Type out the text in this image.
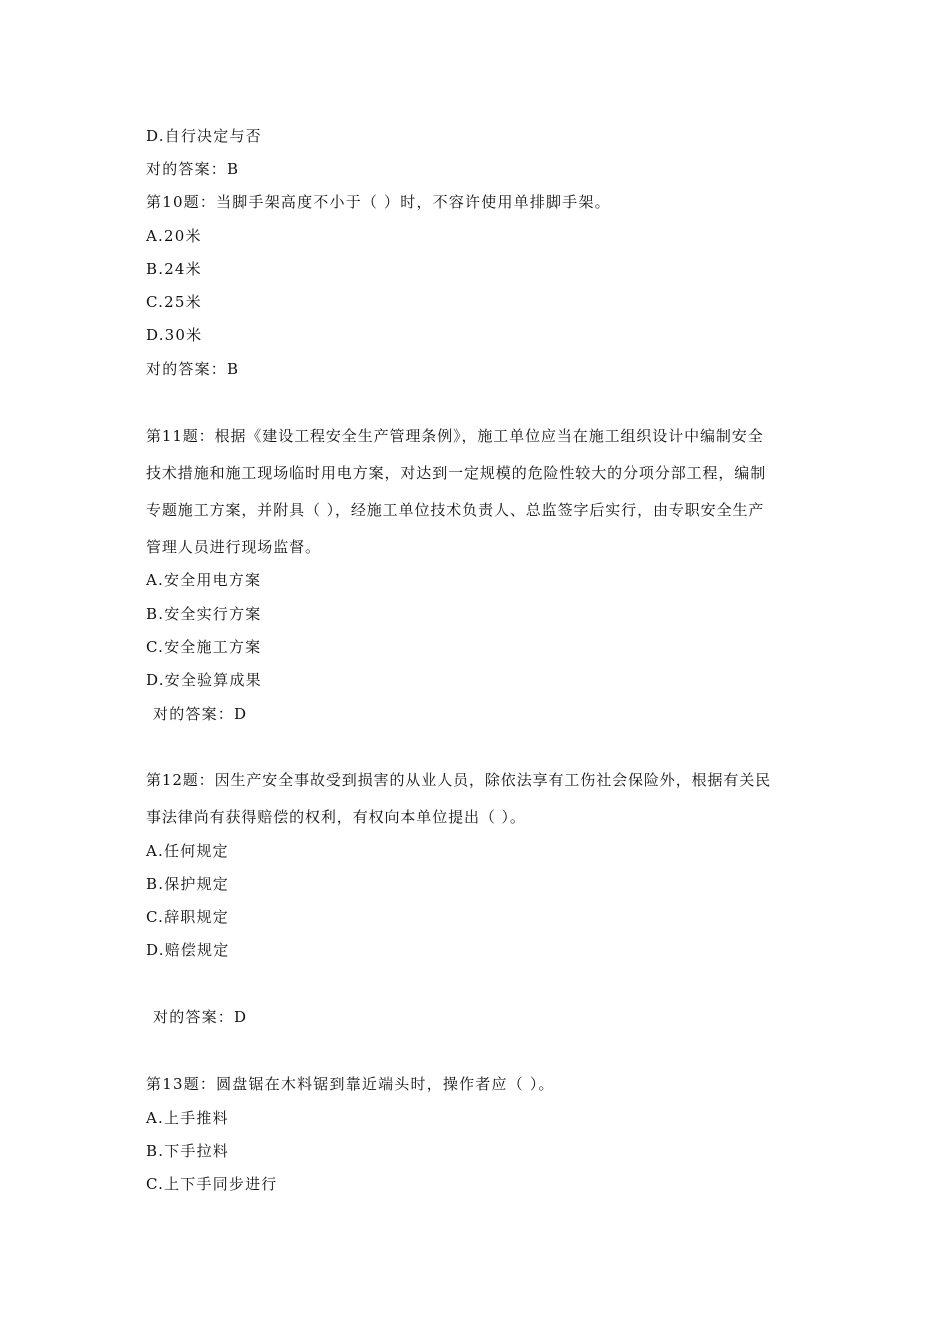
D.自行决定与否
对的答案：B
第10题：当脚手架高度不小于（ ）时，不容许使用单排脚手架。
A.20米
B.24米
C.25米
D.30米
对的答案：B
第11题：根据《建设工程安全生产管理条例》，施工单位应当在施工组织设计中编制安全
技术措施和施工现场临时用电方案，对达到一定规模的危险性较大的分项分部工程，编制
专题施工方案，并附具（ ），经施工单位技术负责人、总监签字后实行，由专职安全生产
管理人员进行现场监督。
A.安全用电方案
B.安全实行方案
C.安全施工方案
D.安全验算成果
对的答案：D
第12题：因生产安全事故受到损害的从业人员，除依法享有工伤社会保险外，根据有关民
事法律尚有获得赔偿的权利，有权向本单位提出（ ）。
A.任何规定
B.保护规定
C.辞职规定
D.赔偿规定
对的答案：D
第13题：圆盘锯在木料锯到靠近端头时，操作者应（ ）。
A.上手推料
B.下手拉料
C.上下手同步进行
